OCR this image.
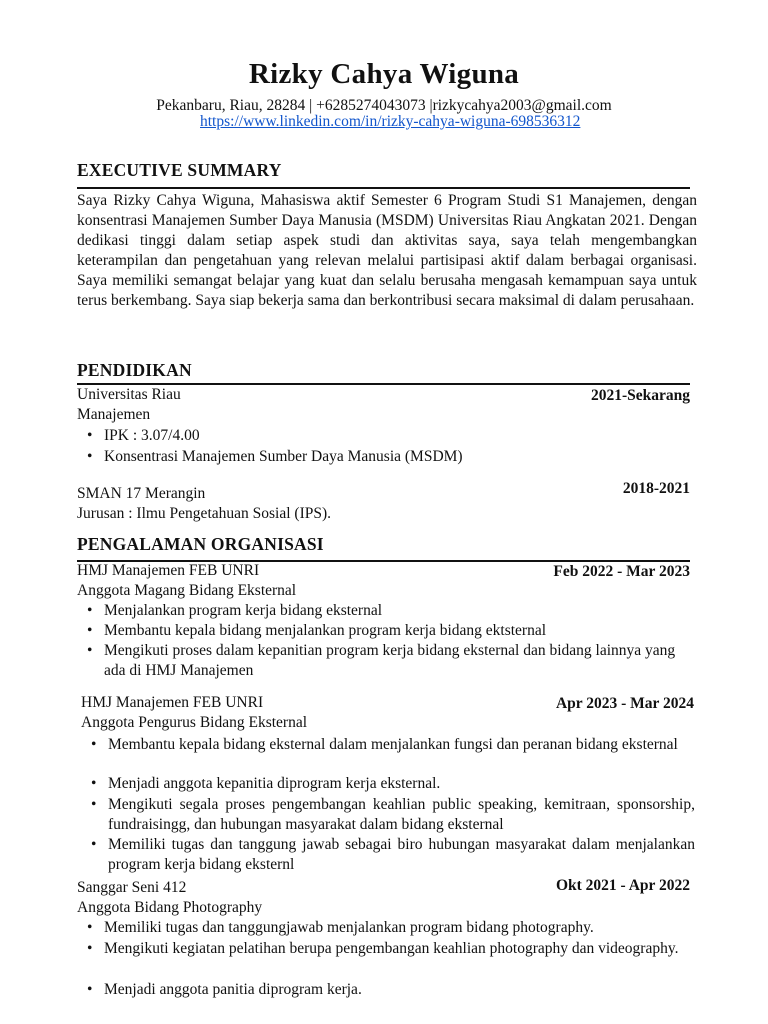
Rizky Cahya Wiguna
Pekanbaru, Riau, 28284 | +6285274043073 |rizkycahya2003@gmail.com
https://www.linkedin.com/in/rizky-cahya-wiguna-698536312
EXECUTIVE SUMMARY
Saya Rizky Cahya Wiguna, Mahasiswa aktif Semester 6 Program Studi S1 Manajemen, dengan konsentrasi Manajemen Sumber Daya Manusia (MSDM) Universitas Riau Angkatan 2021. Dengan dedikasi tinggi dalam setiap aspek studi dan aktivitas saya, saya telah mengembangkan keterampilan dan pengetahuan yang relevan melalui partisipasi aktif dalam berbagai organisasi. Saya memiliki semangat belajar yang kuat dan selalu berusaha mengasah kemampuan saya untuk terus berkembang. Saya siap bekerja sama dan berkontribusi secara maksimal di dalam perusahaan.
PENDIDIKAN
Universitas Riau	2021-Sekarang
Manajemen
• IPK : 3.07/4.00
• Konsentrasi Manajemen Sumber Daya Manusia (MSDM)
SMAN 17 Merangin	2018-2021
Jurusan : Ilmu Pengetahuan Sosial (IPS).
PENGALAMAN ORGANISASI
HMJ Manajemen FEB UNRI	Feb 2022 - Mar 2023
Anggota Magang Bidang Eksternal
• Menjalankan program kerja bidang eksternal
• Membantu kepala bidang menjalankan program kerja bidang ektsternal
• Mengikuti proses dalam kepanitian program kerja bidang eksternal dan bidang lainnya yang ada di HMJ Manajemen
HMJ Manajemen FEB UNRI	Apr 2023 - Mar 2024
Anggota Pengurus Bidang Eksternal
• Membantu kepala bidang eksternal dalam menjalankan fungsi dan peranan bidang eksternal
• Menjadi anggota kepanitia diprogram kerja eksternal.
• Mengikuti segala proses pengembangan keahlian public speaking, kemitraan, sponsorship, fundraisingg, dan hubungan masyarakat dalam bidang eksternal
• Memiliki tugas dan tanggung jawab sebagai biro hubungan masyarakat dalam menjalankan program kerja bidang eksternl
Sanggar Seni 412	Okt 2021 - Apr 2022
Anggota Bidang Photography
• Memiliki tugas dan tanggungjawab menjalankan program bidang photography.
• Mengikuti kegiatan pelatihan berupa pengembangan keahlian photography dan videography.
• Menjadi anggota panitia diprogram kerja.
